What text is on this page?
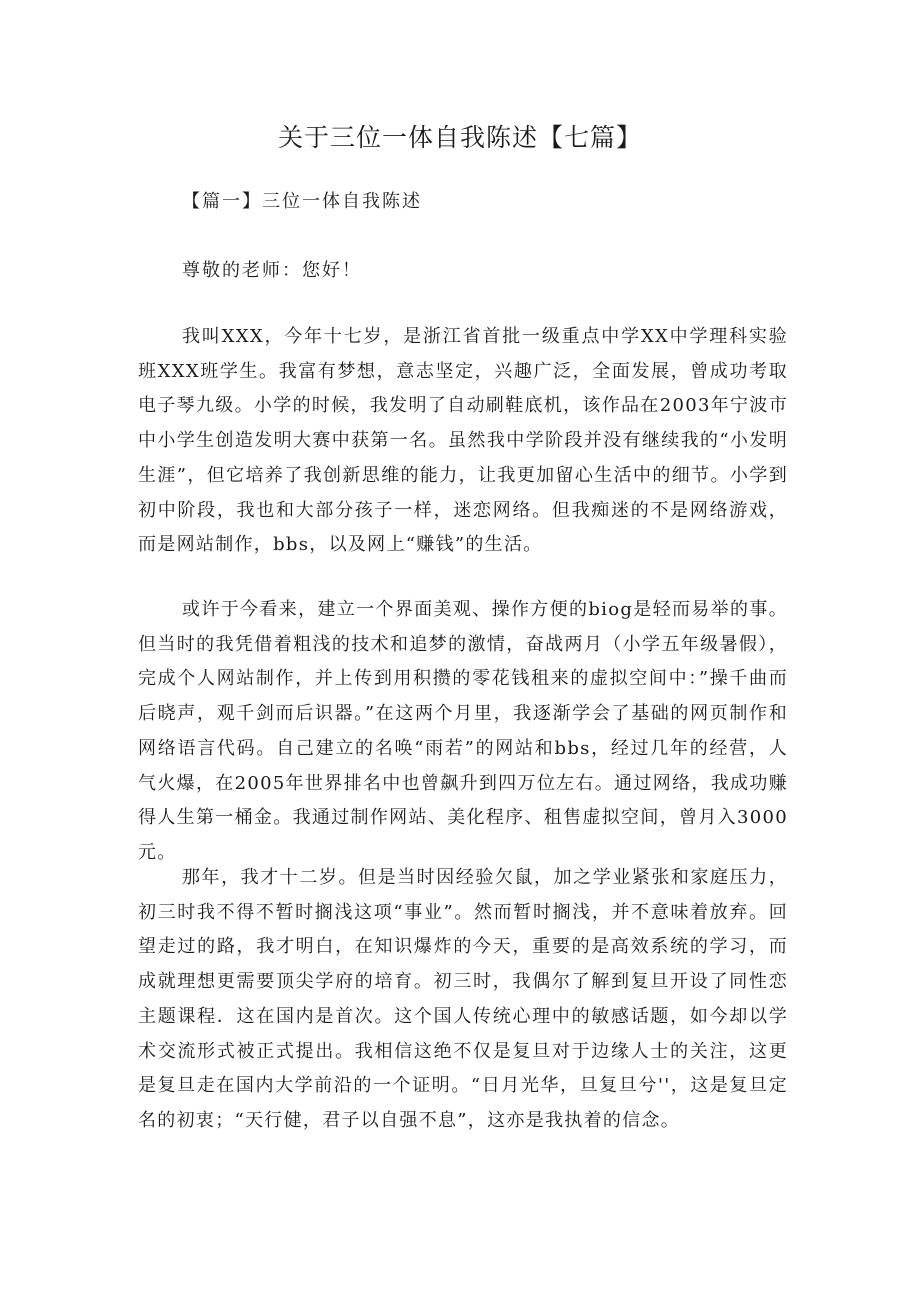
关于三位一体自我陈述【七篇】

【篇一】三位一体自我陈述

尊敬的老师：您好！

我叫XXX，今年十七岁，是浙江省首批一级重点中学XX中学理科实验班XXX班学生。我富有梦想，意志坚定，兴趣广泛，全面发展，曾成功考取电子琴九级。小学的时候，我发明了自动刷鞋底机，该作品在2003年宁波市中小学生创造发明大赛中获第一名。虽然我中学阶段并没有继续我的“小发明生涯”，但它培养了我创新思维的能力，让我更加留心生活中的细节。小学到初中阶段，我也和大部分孩子一样，迷恋网络。但我痴迷的不是网络游戏，而是网站制作，bbs，以及网上“赚钱”的生活。

或许于今看来，建立一个界面美观、操作方便的biog是轻而易举的事。但当时的我凭借着粗浅的技术和追梦的激情，奋战两月（小学五年级暑假），完成个人网站制作，并上传到用积攒的零花钱租来的虚拟空间中：”操千曲而后晓声，观千剑而后识器。”在这两个月里，我逐渐学会了基础的网页制作和网络语言代码。自己建立的名唤“雨若”的网站和bbs，经过几年的经营，人气火爆，在2005年世界排名中也曾飙升到四万位左右。通过网络，我成功赚得人生第一桶金。我通过制作网站、美化程序、租售虚拟空间，曾月入3000元。

那年，我才十二岁。但是当时因经验欠鼠，加之学业紧张和家庭压力，初三时我不得不暂时搁浅这项“事业”。然而暂时搁浅，并不意味着放弃。回望走过的路，我才明白，在知识爆炸的今天，重要的是高效系统的学习，而成就理想更需要顶尖学府的培育。初三时，我偶尔了解到复旦开设了同性恋主题课程．这在国内是首次。这个国人传统心理中的敏感话题，如今却以学术交流形式被正式提出。我相信这绝不仅是复旦对于边缘人士的关注，这更是复旦走在国内大学前沿的一个证明。“日月光华，旦复旦兮''，这是复旦定名的初衷；“天行健，君子以自强不息”，这亦是我执着的信念。
